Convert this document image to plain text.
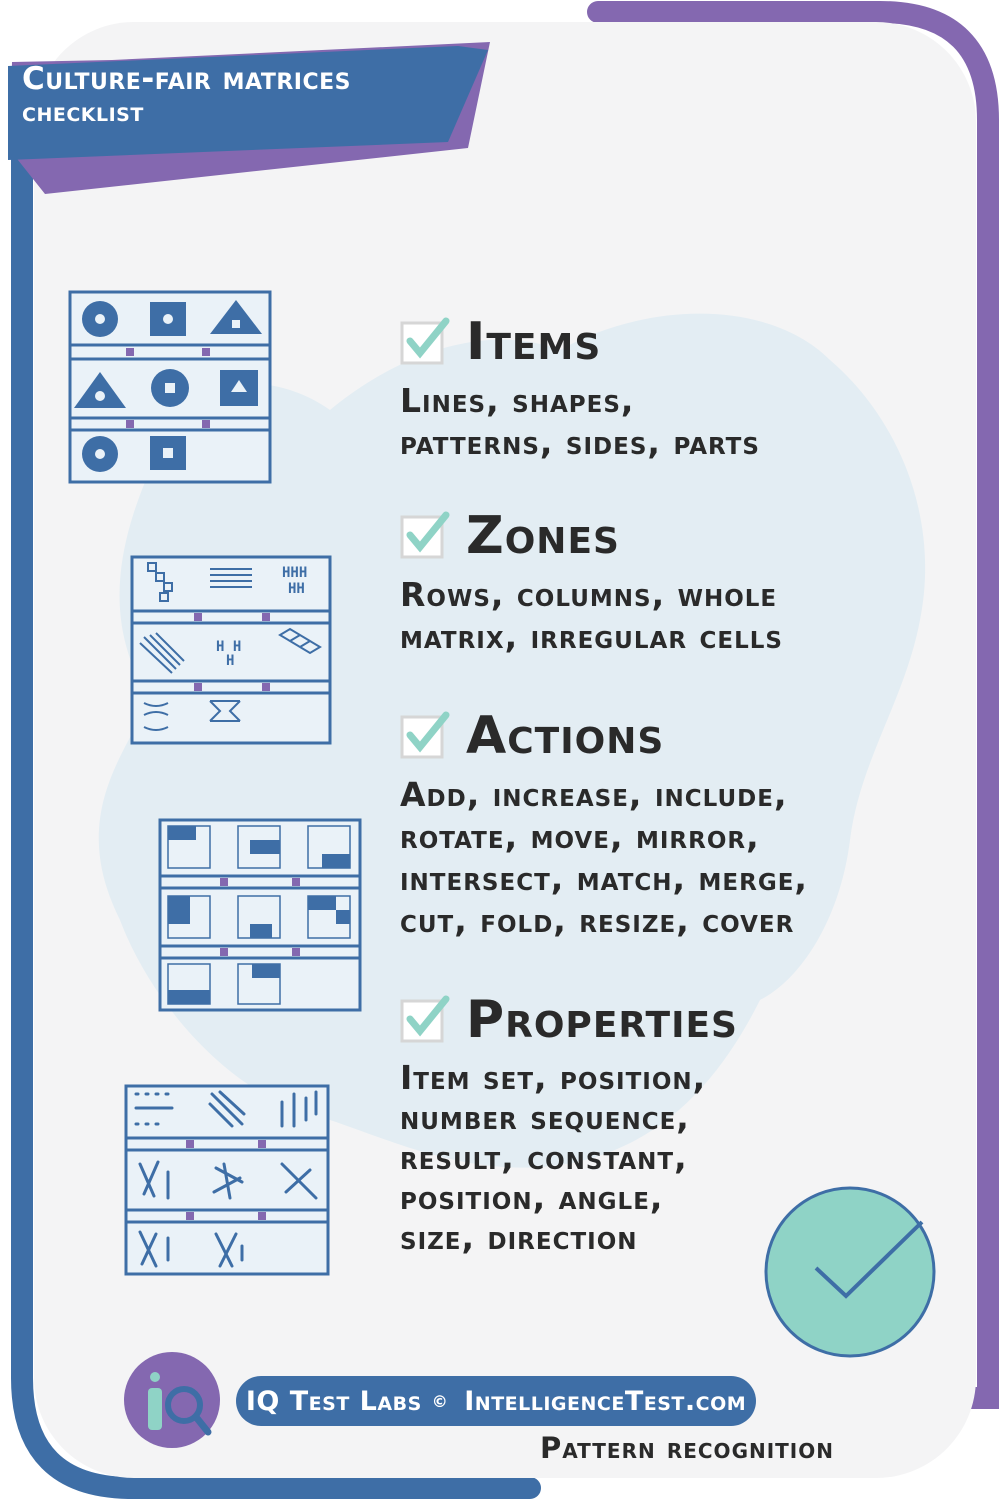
Culture-fair matrices
checklist
HHH
HH
H H
H
Items
Lines, shapes,
patterns, sides, parts
Zones
Rows, columns, whole
matrix, irregular cells
Actions
Add, increase, include,
rotate, move, mirror,
intersect, match, merge,
cut, fold, resize, cover
Properties
Item set, position,
number sequence,
result, constant,
position, angle,
size, direction
IQ Test Labs © IntelligenceTest.com
Pattern recognition
